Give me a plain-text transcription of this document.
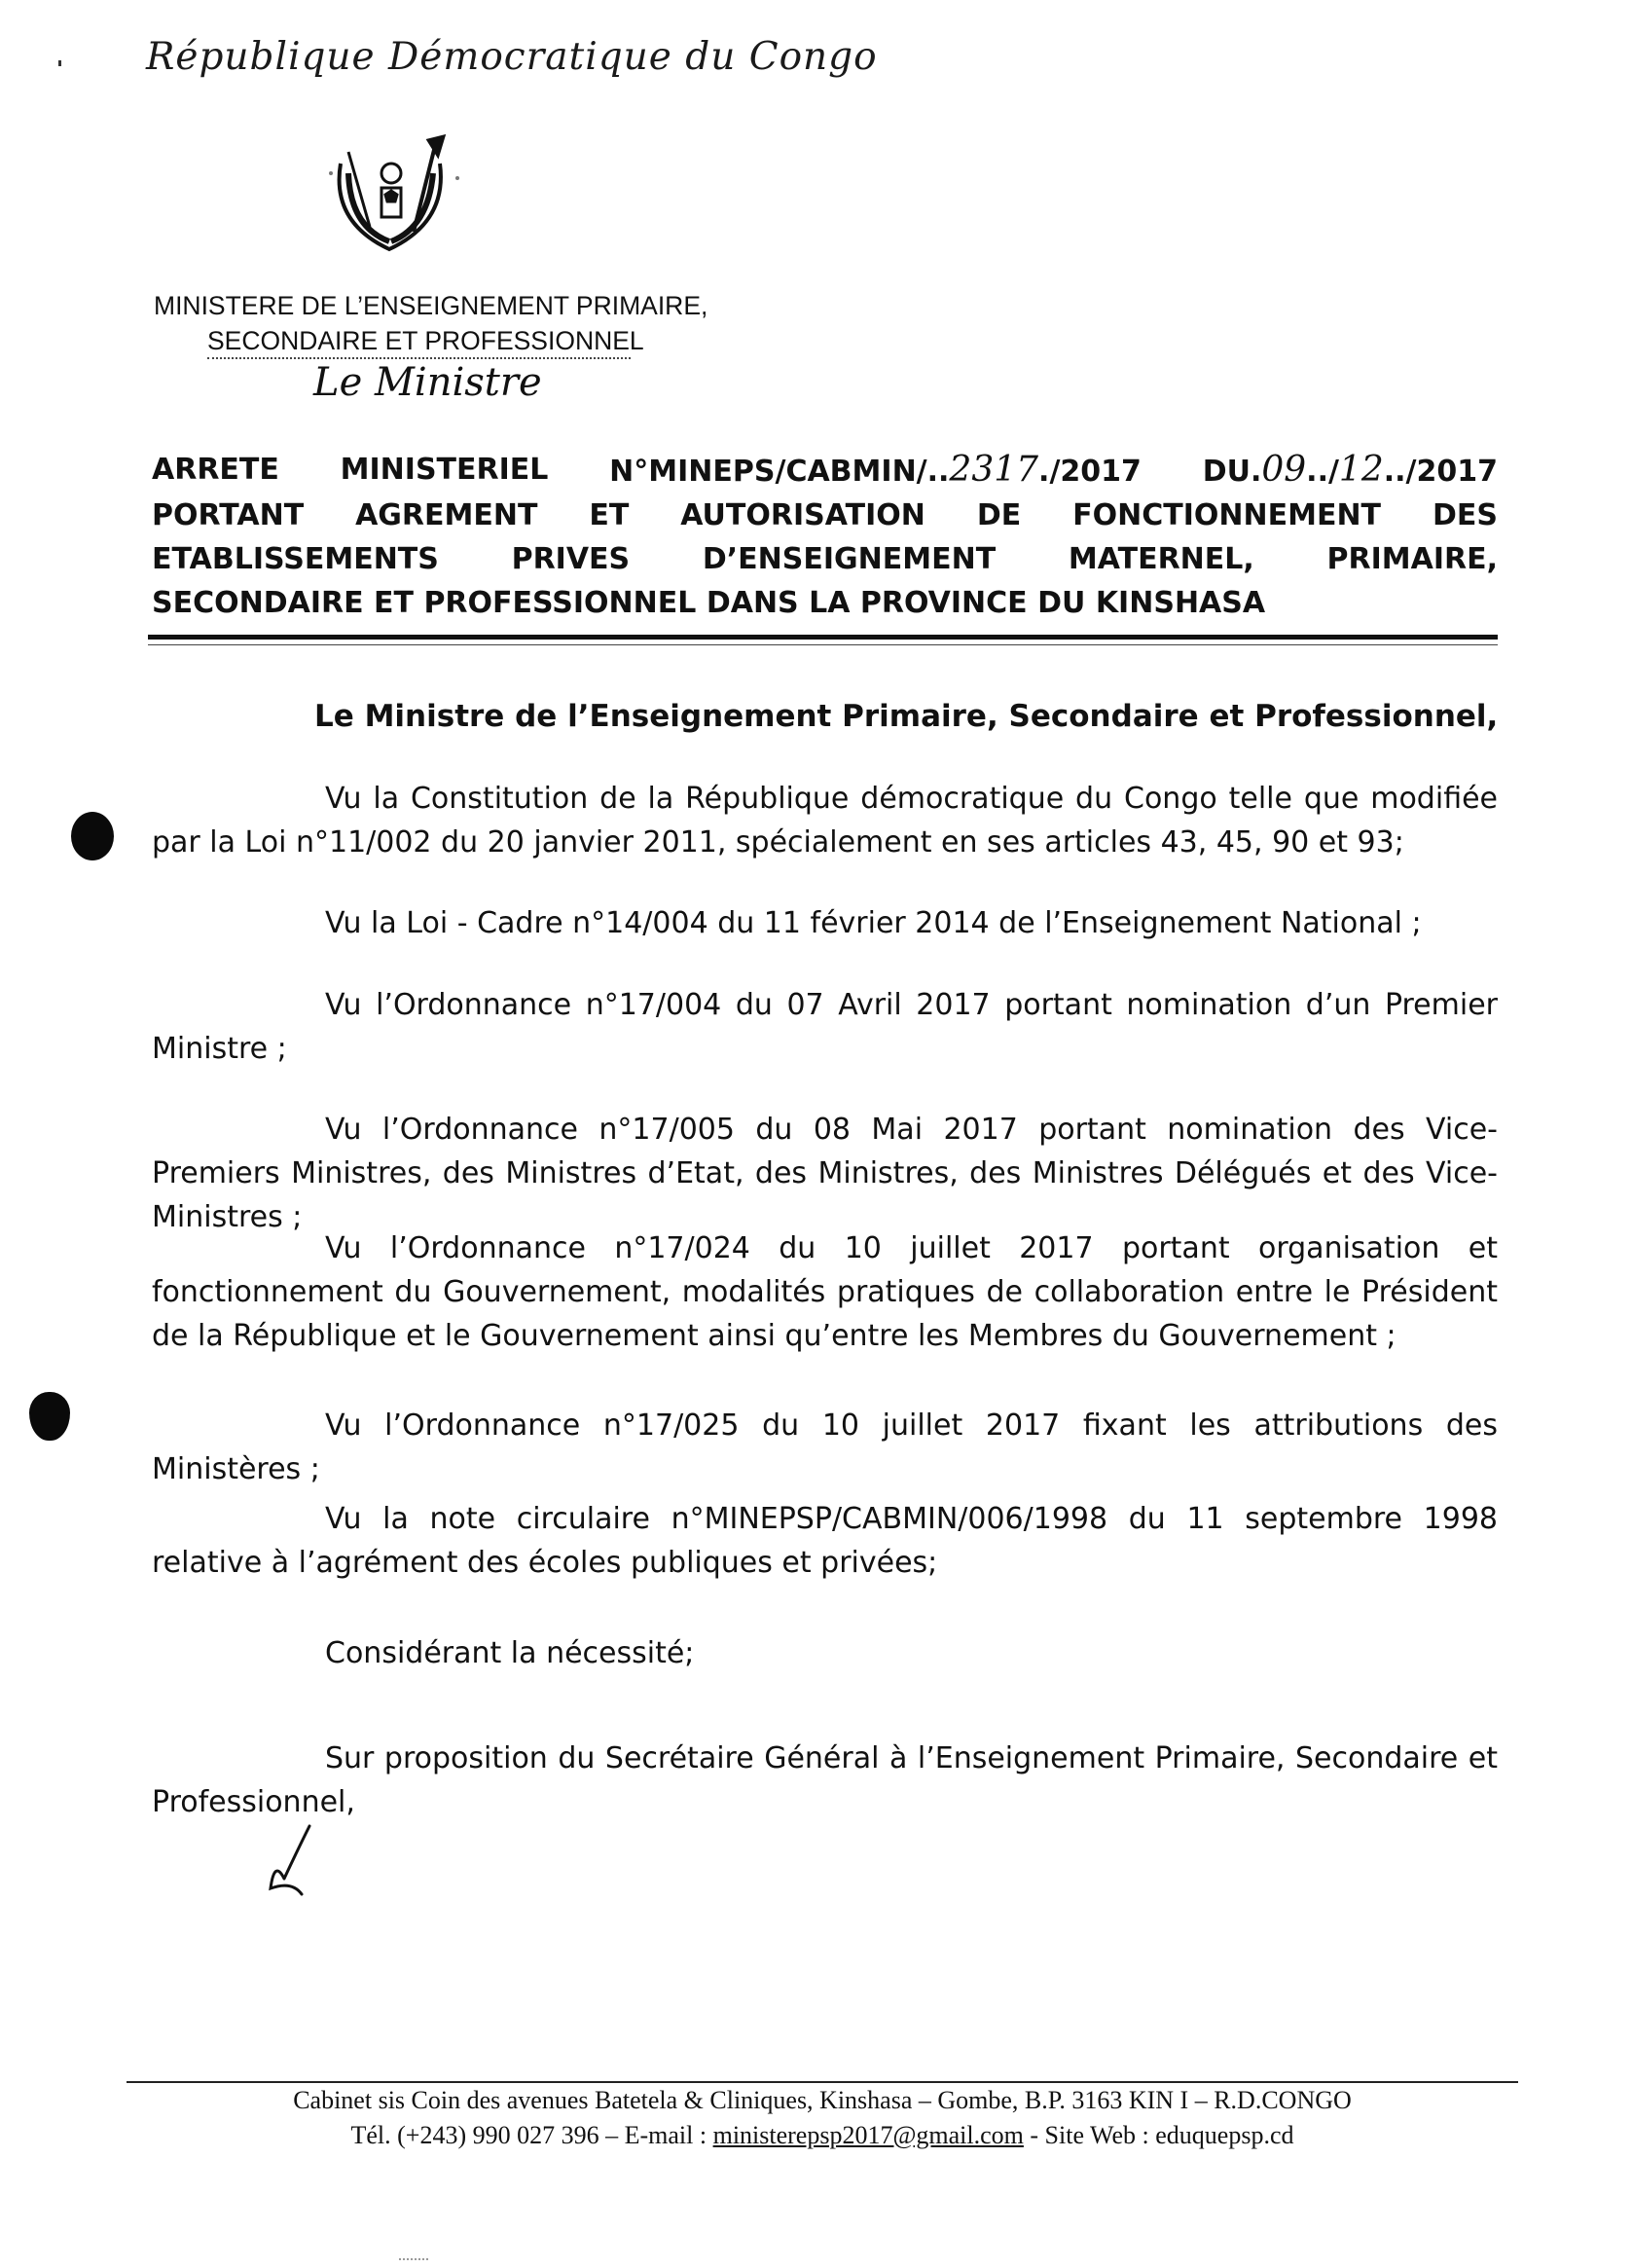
République Démocratique du Congo
MINISTERE DE L’ENSEIGNEMENT PRIMAIRE,
SECONDAIRE ET PROFESSIONNEL
Le Ministre
ARRETE MINISTERIEL N°MINEPS/CABMIN/..2317./2017 DU.09../12../2017
PORTANT AGREMENT ET AUTORISATION DE FONCTIONNEMENT DES
ETABLISSEMENTS PRIVES D’ENSEIGNEMENT MATERNEL, PRIMAIRE,
SECONDAIRE ET PROFESSIONNEL DANS LA PROVINCE DU KINSHASA
Le Ministre de l’Enseignement Primaire, Secondaire et Professionnel,
Vu la Constitution de la République démocratique du Congo telle que modifiée par la Loi n°11/002 du 20 janvier 2011, spécialement en ses articles 43, 45, 90 et 93;
Vu la Loi - Cadre n°14/004 du 11 février 2014 de l’Enseignement National ;
Vu l’Ordonnance n°17/004 du 07 Avril 2017 portant nomination d’un Premier Ministre ;
Vu l’Ordonnance n°17/005 du 08 Mai 2017 portant nomination des Vice-Premiers Ministres, des Ministres d’Etat, des Ministres, des Ministres Délégués et des Vice-Ministres ;
Vu l’Ordonnance n°17/024 du 10 juillet 2017 portant organisation et fonctionnement du Gouvernement, modalités pratiques de collaboration entre le Président de la République et le Gouvernement ainsi qu’entre les Membres du Gouvernement ;
Vu l’Ordonnance n°17/025 du 10 juillet 2017 fixant les attributions des Ministères ;
Vu la note circulaire n°MINEPSP/CABMIN/006/1998 du 11 septembre 1998 relative à l’agrément des écoles publiques et privées;
Considérant la nécessité;
Sur proposition du Secrétaire Général à l’Enseignement Primaire, Secondaire et Professionnel,
Cabinet sis Coin des avenues Batetela & Cliniques, Kinshasa – Gombe, B.P. 3163 KIN I – R.D.CONGO
Tél. (+243) 990 027 396 – E-mail : ministerepsp2017@gmail.com - Site Web : eduquepsp.cd
